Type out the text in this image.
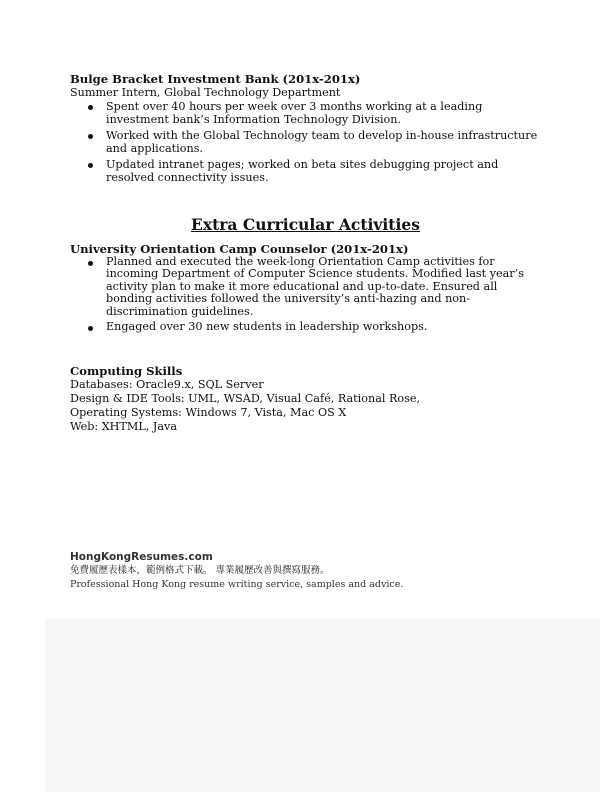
Bulge Bracket Investment Bank (201x-201x)

Summer Intern, Global Technology Department

Spent over 40 hours per week over 3 months working at a leading investment bank’s Information Technology Division.
Worked with the Global Technology team to develop in-house infrastructure and applications.
Updated intranet pages; worked on beta sites debugging project and resolved connectivity issues.

Extra Curricular Activities

University Orientation Camp Counselor (201x-201x)

Planned and executed the week-long Orientation Camp activities for incoming Department of Computer Science students. Modified last year’s activity plan to make it more educational and up-to-date. Ensured all bonding activities followed the university’s anti-hazing and non-discrimination guidelines.
Engaged over 30 new students in leadership workshops.

Computing Skills

Databases: Oracle9.x, SQL Server

Design & IDE Tools: UML, WSAD, Visual Café, Rational Rose,

Operating Systems: Windows 7, Vista, Mac OS X

Web: XHTML, Java

HongKongResumes.com

免費履歷表樣本，範例格式下載。 專業履歷改善與撰寫服務。

Professional Hong Kong resume writing service, samples and advice.
